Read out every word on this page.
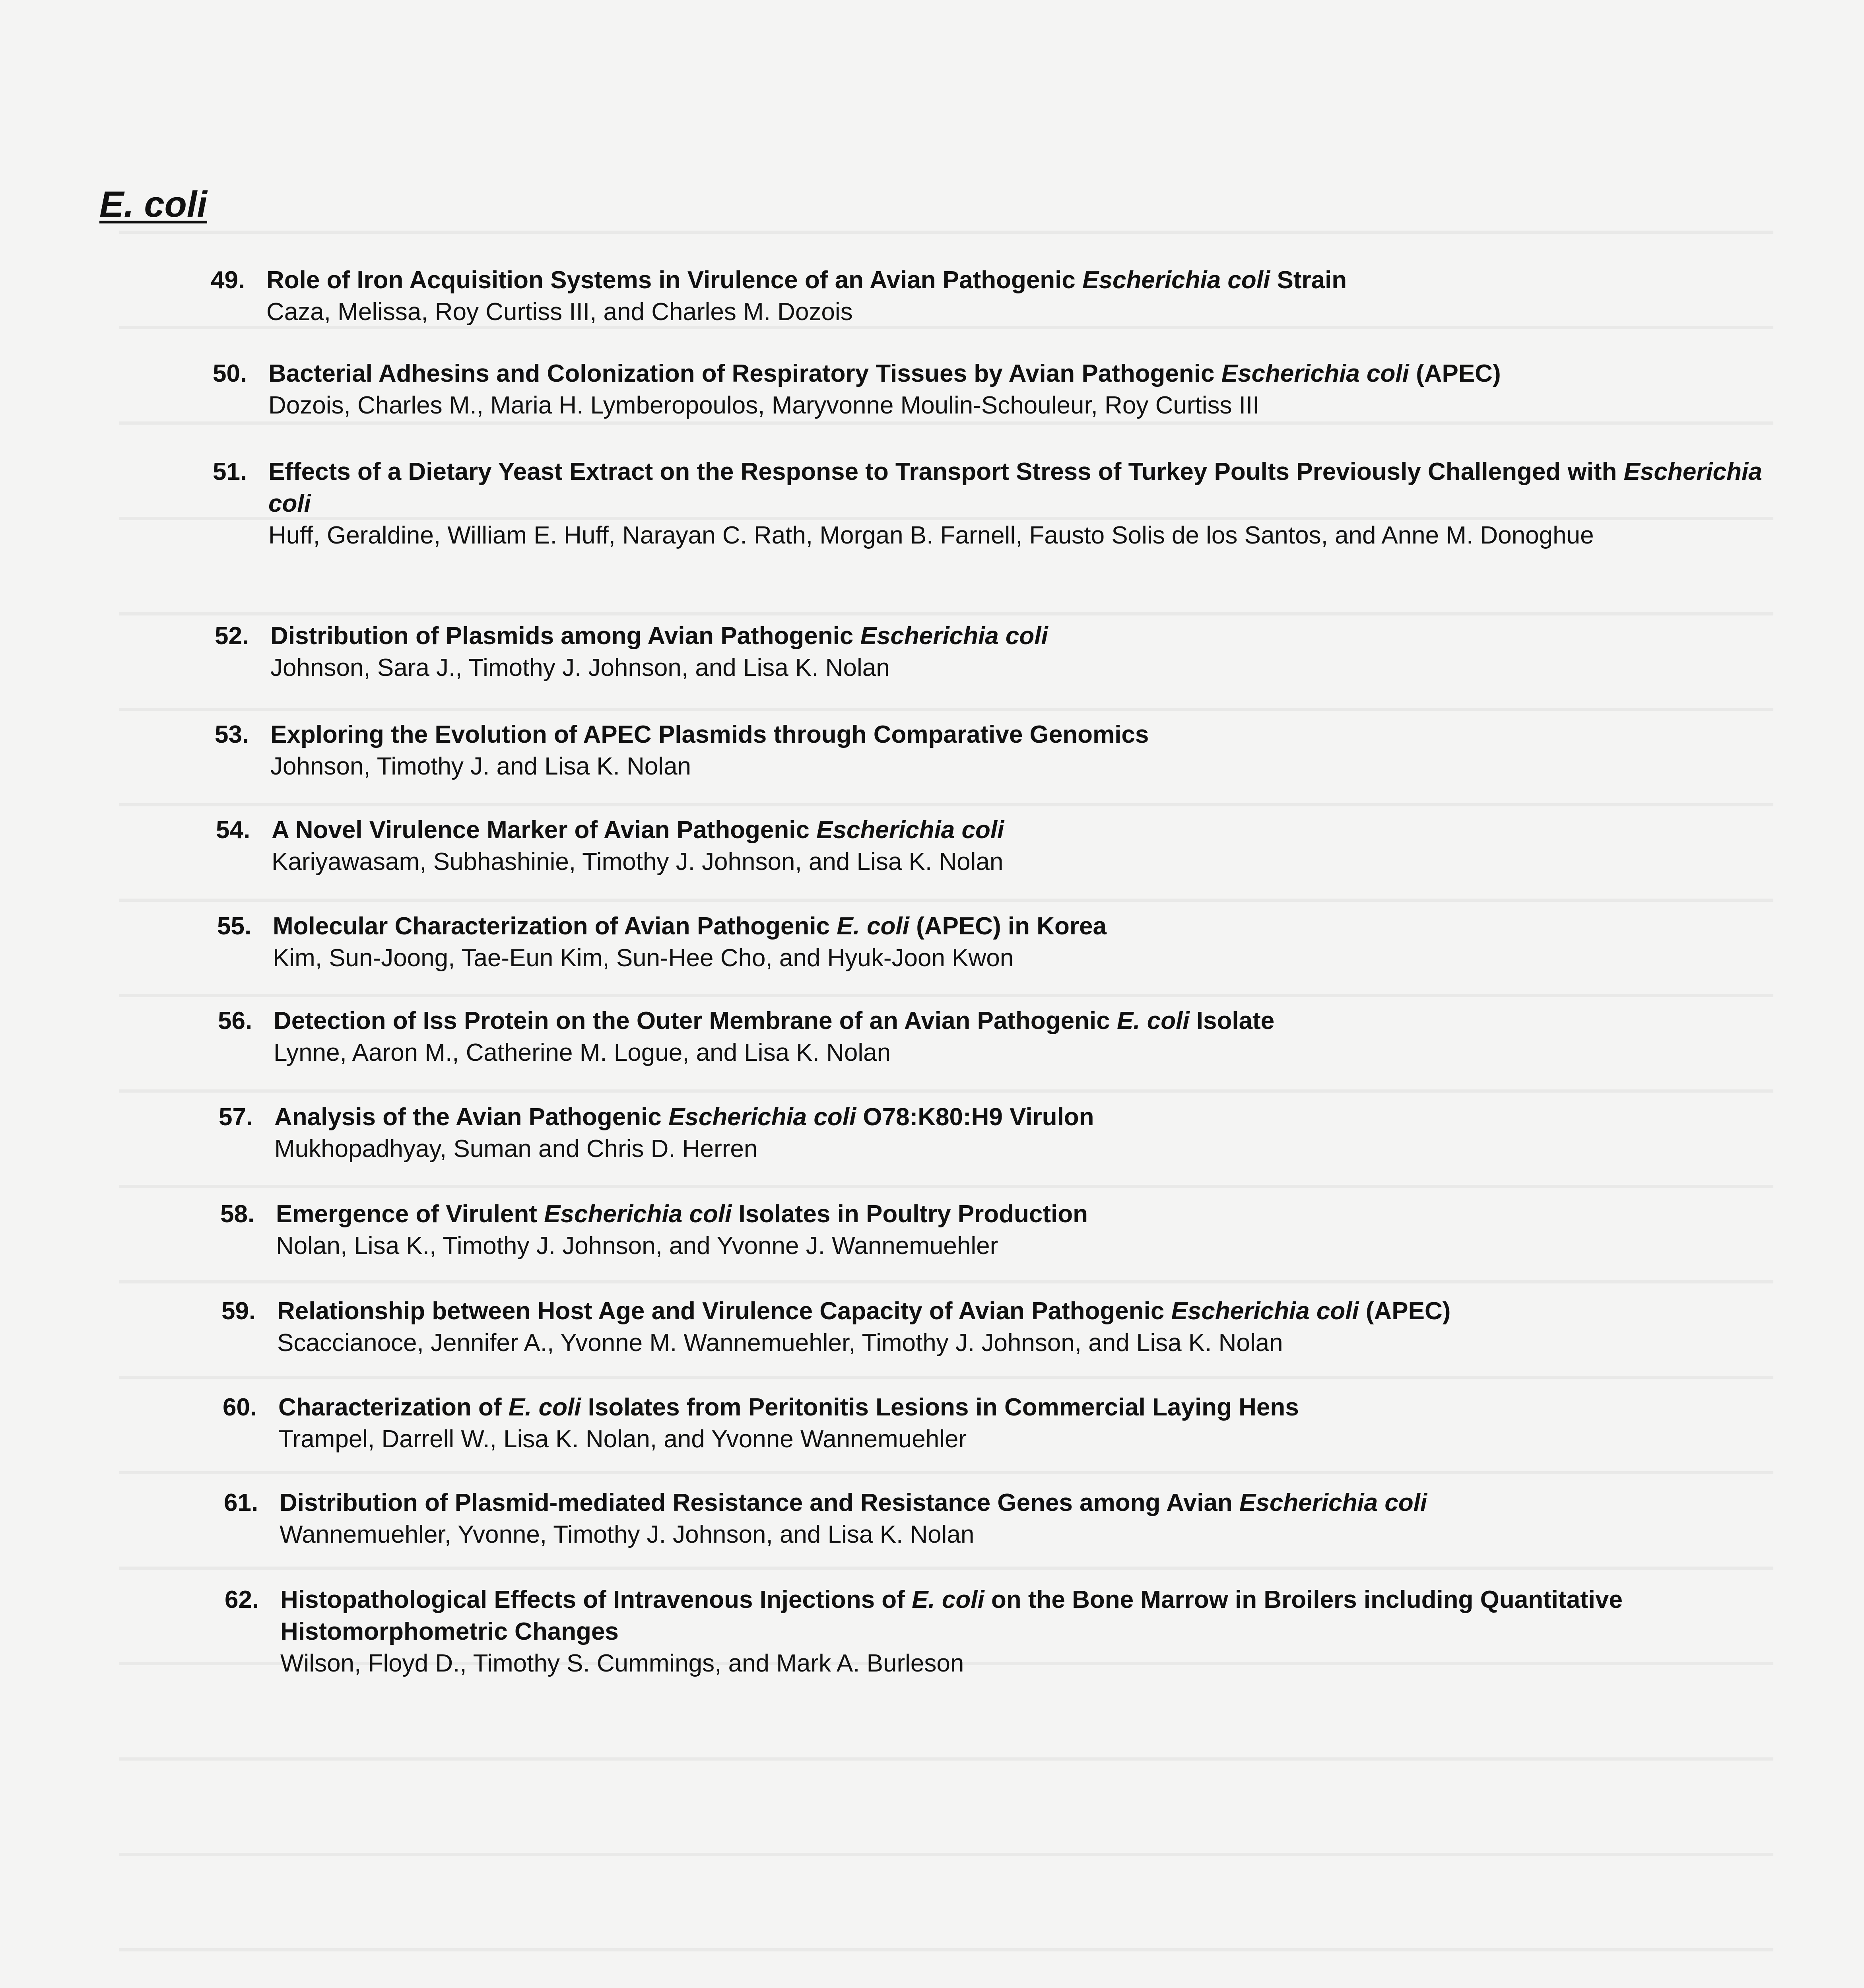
E. coli
49. Role of Iron Acquisition Systems in Virulence of an Avian Pathogenic Escherichia coli Strain

Caza, Melissa, Roy Curtiss III, and Charles M. Dozois

50. Bacterial Adhesins and Colonization of Respiratory Tissues by Avian Pathogenic Escherichia coli (APEC)

Dozois, Charles M., Maria H. Lymberopoulos, Maryvonne Moulin-Schouleur, Roy Curtiss III

51. Effects of a Dietary Yeast Extract on the Response to Transport Stress of Turkey Poults Previously Challenged with Escherichia coli

Huff, Geraldine, William E. Huff, Narayan C. Rath, Morgan B. Farnell, Fausto Solis de los Santos, and Anne M. Donoghue

52. Distribution of Plasmids among Avian Pathogenic Escherichia coli

Johnson, Sara J., Timothy J. Johnson, and Lisa K. Nolan

53. Exploring the Evolution of APEC Plasmids through Comparative Genomics

Johnson, Timothy J. and Lisa K. Nolan

54. A Novel Virulence Marker of Avian Pathogenic Escherichia coli

Kariyawasam, Subhashinie, Timothy J. Johnson, and Lisa K. Nolan

55. Molecular Characterization of Avian Pathogenic E. coli (APEC) in Korea

Kim, Sun-Joong, Tae-Eun Kim, Sun-Hee Cho, and Hyuk-Joon Kwon

56. Detection of Iss Protein on the Outer Membrane of an Avian Pathogenic E. coli Isolate

Lynne, Aaron M., Catherine M. Logue, and Lisa K. Nolan

57. Analysis of the Avian Pathogenic Escherichia coli O78:K80:H9 Virulon

Mukhopadhyay, Suman and Chris D. Herren

58. Emergence of Virulent Escherichia coli Isolates in Poultry Production

Nolan, Lisa K., Timothy J. Johnson, and Yvonne J. Wannemuehler

59. Relationship between Host Age and Virulence Capacity of Avian Pathogenic Escherichia coli (APEC)

Scaccianoce, Jennifer A., Yvonne M. Wannemuehler, Timothy J. Johnson, and Lisa K. Nolan

60. Characterization of E. coli Isolates from Peritonitis Lesions in Commercial Laying Hens

Trampel, Darrell W., Lisa K. Nolan, and Yvonne Wannemuehler

61. Distribution of Plasmid-mediated Resistance and Resistance Genes among Avian Escherichia coli

Wannemuehler, Yvonne, Timothy J. Johnson, and Lisa K. Nolan

62. Histopathological Effects of Intravenous Injections of E. coli on the Bone Marrow in Broilers including Quantitative Histomorphometric Changes

Wilson, Floyd D., Timothy S. Cummings, and Mark A. Burleson
